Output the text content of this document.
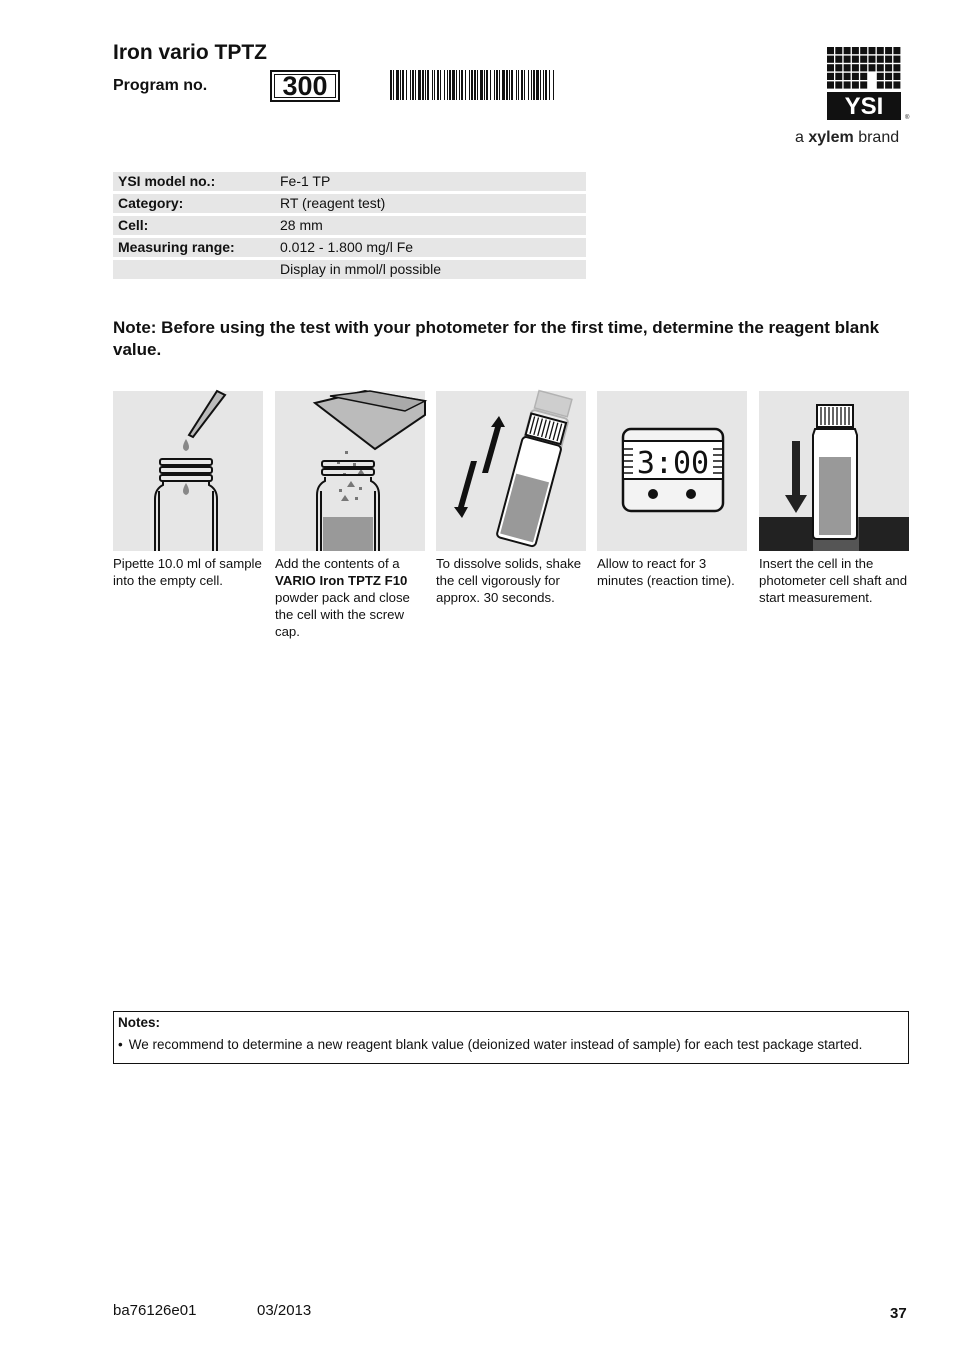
Iron vario TPTZ
Program no.	300
YSI	®
a xylem brand
YSI model no.:	Fe-1 TP
Category:	RT (reagent test)
Cell:	28 mm
Measuring range:	0.012 - 1.800 mg/l Fe
	Display in mmol/l possible
Note: Before using the test with your photometer for the first time, determine the reagent blank value.
Pipette 10.0 ml of sample into the empty cell.
Add the contents of a VARIO Iron TPTZ F10 powder pack and close the cell with the screw cap.
To dissolve solids, shake the cell vigorously for approx. 30 seconds.
3:00
Allow to react for 3 minutes (reaction time).
Insert the cell in the photometer cell shaft and start measurement.
Notes:
• We recommend to determine a new reagent blank value (deionized water instead of sample) for each test package started.
ba76126e01	03/2013	37
